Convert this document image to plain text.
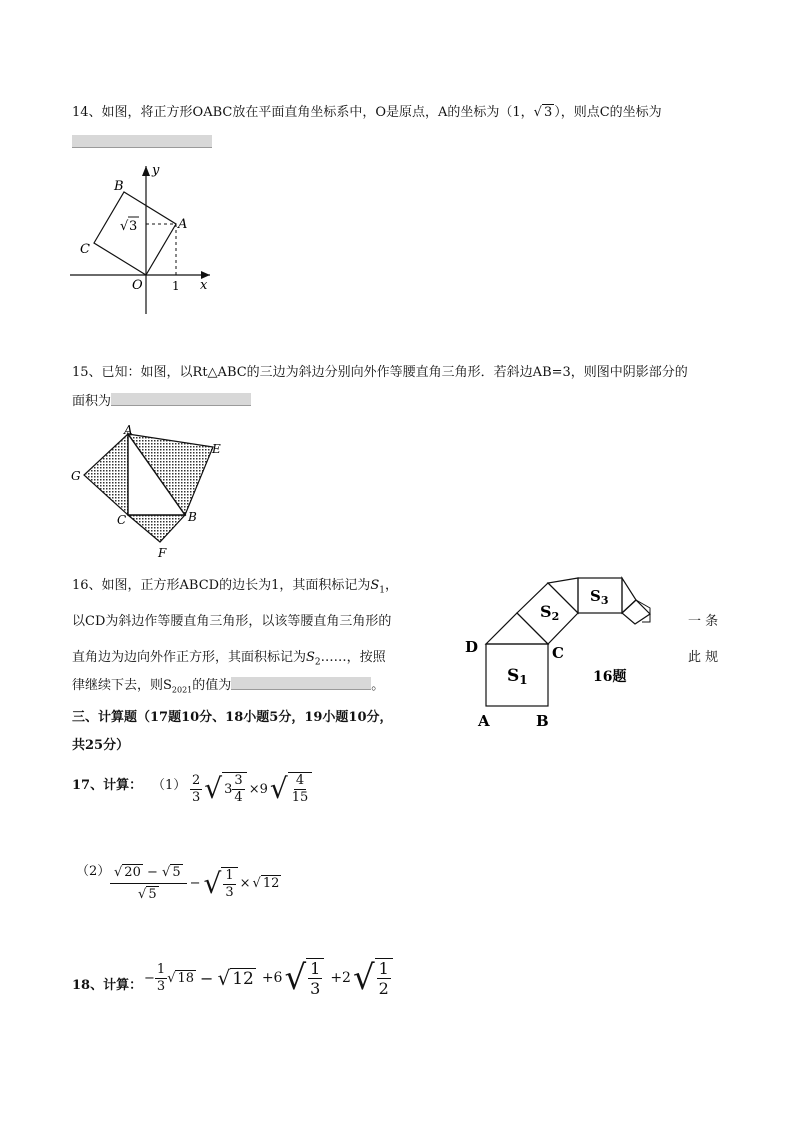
14、如图，将正方形OABC放在平面直角坐标系中，O是原点，A的坐标为（1，√ 3 ），则点C的坐标为
y
x
B
A
C
O 1
√ 3
15、已知：如图，以Rt△ABC的三边为斜边分别向外作等腰直角三角形．若斜边AB=3，则图中阴影部分的
面积为
A
E
G
C	B
F
16、如图，正方形ABCD的边长为1，其面积标记为$S_1$，
以CD为斜边作等腰直角三角形，以该等腰直角三角形的
直角边为边向外作正方形，其面积标记为$S_2\dots\dots$，按照
律继续下去，则$S_{2021}$的值为	。
一 条
此 规
D	C
A	B
S1
S2
$S_3$
16题
三、计算题（17题10分、18小题5分，19小题10分，
共25分）
17、计算： $(1) \frac{2}{3}$ √ $3 \frac{3}{4} \times 9$ √ $\frac{4}{15}$
（2） √ 20 − √ 5
√ 5
− √ $\frac{1}{3}$ × √ 12
18、计算： − $\frac{1}{3}$ √ 18 − √ 12 +6 √ $\frac{1}{3} +2$ √ $\frac{1}{2}$
